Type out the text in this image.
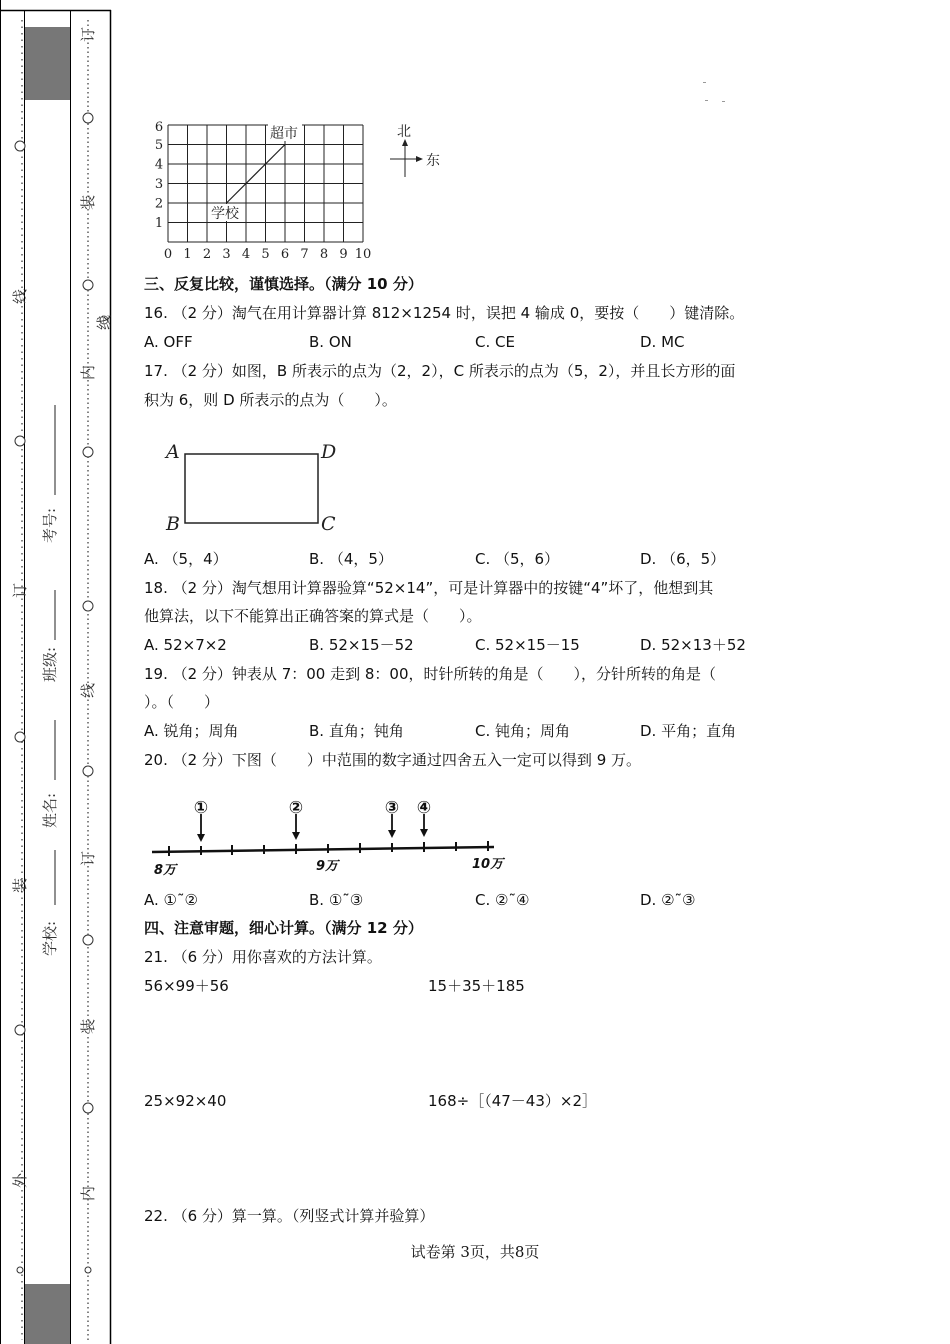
外
装
订
线
订
装
线
内
线
订
装
内
学校:
姓名:
班级:
考号:
超市
学校
0 1 2 3 4 5 6 7 8 9 10
1
2
3
4
5
6	北
东
三、反复比较，谨慎选择。（满分 10 分）
16. （2 分）淘气在用计算器计算 812×1254 时，误把 4 输成 0，要按（　　）键清除。
A. OFF	B. ON	C. CE	D. MC
17. （2 分）如图，B 所表示的点为（2，2），C 所表示的点为（5，2），并且长方形的面
积为 6，则 D 所表示的点为（　　）。
A	D
B	C
A. （5，4）	B. （4，5）	C. （5，6）	D. （6，5）
18. （2 分）淘气想用计算器验算“52×14”，可是计算器中的按键“4”坏了，他想到其
他算法，以下不能算出正确答案的算式是（　　）。
A. 52×7×2	B. 52×15－52	C. 52×15－15	D. 52×13＋52
19. （2 分）钟表从 7：00 走到 8：00，时针所转的角是（　　），分针所转的角是（
）。（　　）
A. 锐角；周角	B. 直角；钝角	C. 钝角；周角	D. 平角；直角
20. （2 分）下图（　　）中范围的数字通过四舍五入一定可以得到 9 万。
①	②	③ ④
8万	9万	10万
A. ①˜②	B. ①˜③	C. ②˜④	D. ②˜③
四、注意审题，细心计算。（满分 12 分）
21. （6 分）用你喜欢的方法计算。
56×99＋56	15＋35＋185
25×92×40	168÷［（47－43）×2］
22. （6 分）算一算。（列竖式计算并验算）
试卷第 3页，共8页
